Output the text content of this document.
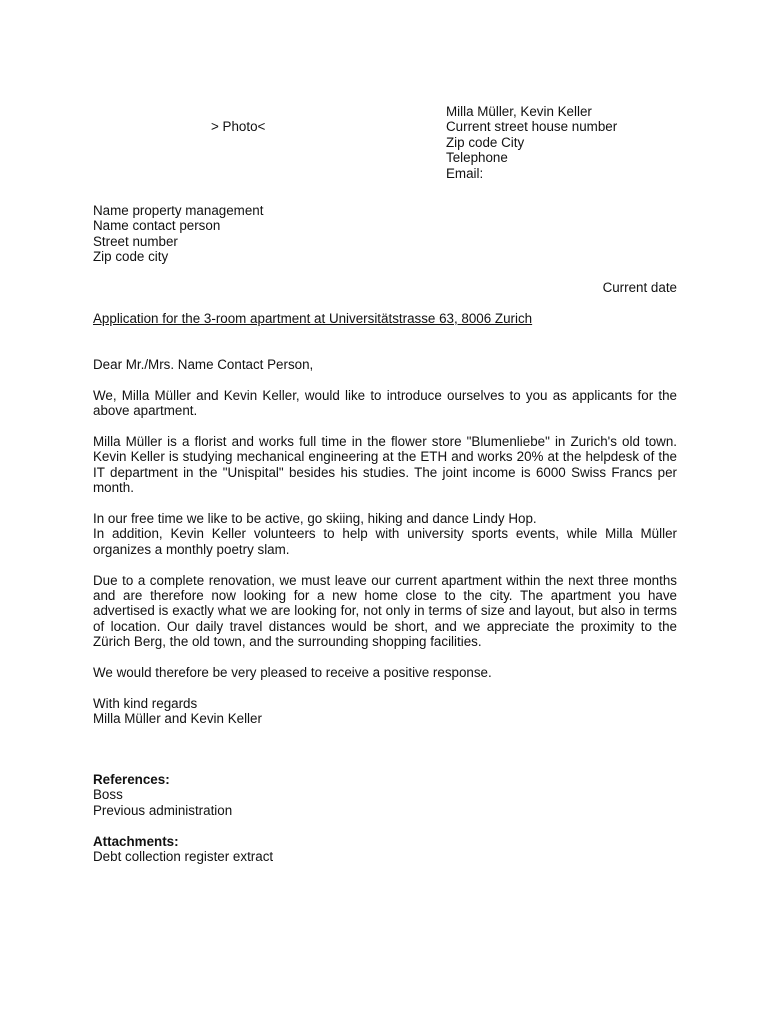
> Photo<
Milla Müller, Kevin Keller
Current street house number
Zip code City
Telephone
Email:
Name property management
Name contact person
Street number
Zip code city
Current date
Application for the 3-room apartment at Universitätstrasse 63, 8006 Zurich

Dear Mr./Mrs. Name Contact Person,

We, Milla Müller and Kevin Keller, would like to introduce ourselves to you as applicants for the above apartment.

Milla Müller is a florist and works full time in the flower store "Blumenliebe" in Zurich's old town. Kevin Keller is studying mechanical engineering at the ETH and works 20% at the helpdesk of the IT department in the "Unispital" besides his studies. The joint income is 6000 Swiss Francs per month.

In our free time we like to be active, go skiing, hiking and dance Lindy Hop.
In addition, Kevin Keller volunteers to help with university sports events, while Milla Müller organizes a monthly poetry slam.

Due to a complete renovation, we must leave our current apartment within the next three months and are therefore now looking for a new home close to the city. The apartment you have advertised is exactly what we are looking for, not only in terms of size and layout, but also in terms of location. Our daily travel distances would be short, and we appreciate the proximity to the Zürich Berg, the old town, and the surrounding shopping facilities.

We would therefore be very pleased to receive a positive response.

With kind regards
Milla Müller and Kevin Keller

References:
Boss
Previous administration
Attachments:
Debt collection register extract
